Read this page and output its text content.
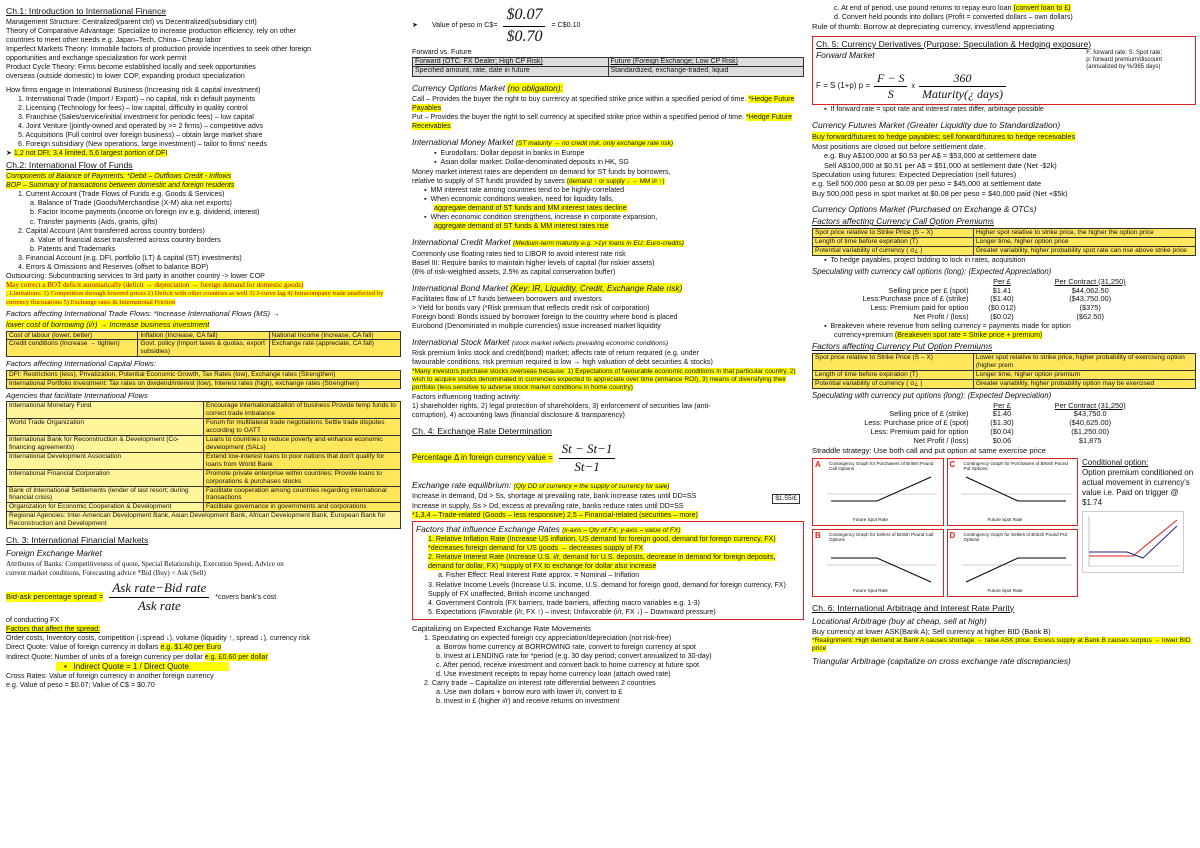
Ch.1: Introduction to International Finance
Management Structure: Centralized(parent ctrl) vs Decentralized(subsidiary ctrl)
Theory of Comparative Advantage: Specialize to increase production efficiency, rely on other
countries to meet other needs e.g. Japan–Tech, China– Cheap labor
Imperfect Markets Theory: Immobile factors of production provide incentives to seek other foreign
opportunities and exchange specialization for work permit
Product Cycle Theory: Firms become established locally and seek opportunities
overseas (outside domestic) to lower COP, expanding product specialization
How firms engage in International Business (Increasing risk & capital investment)
1. International Trade (Import / Export) – no capital, risk in default payments
2. Licensing (Technology for fees) – low capital, difficulty in quality control
3. Franchise (Sales/service/initial investment for periodic fees) – low capital
4. Joint Venture (jointly-owned and operated by >= 2 firms) – competitive advs
5. Acquisitions (Full control over foreign business) – obtain large market share
6. Foreign subsidiary (New operations, large investment) – tailor to firms' needs
➤ 1,2 not DFI; 3,4 limited, 5,6 largest portion of DFI
Ch.2: International Flow of Funds
Components of Balance of Payments: *Debit – Outflows Credit - Inflows
BOP – Summary of transactions between domestic and foreign residents
1. Current Account (Trade Flows of Funds e.g. Goods & Services)
a. Balance of Trade (Goods/Merchandise (X-M) aka net exports)
b. Factor Income payments (income on foreign inv e.g. dividend, interest)
c. Transfer payments (Aids, grants, gifts)
2. Capital Account (Amt transferred across country borders)
a. Value of financial asset transferred across country borders
b. Patents and Trademarks
3. Financial Account (e.g. DFI, portfolio (LT) & capital (ST) investments)
4. Errors & Omissions and Reserves (offset to balance BOP)
Outsourcing: Subcontracting services to 3rd party in another country -> lower COP
May correct a BOT deficit automatically (deficit → depreciation → foreign demand for domestic goods)
; Limitations: 1) Competition through lowered prices 2) Deficit with other countries as well 3) J-curve lag 4) Intracompany trade unaffected by currency fluctuations 5) Exchange rates & International Friction
Factors affecting International Trade Flows: *Increase International Flows (MS) →
lower cost of borrowing (i/r) → Increase business investment
Cost of labour (lower, better)	Inflation (Increase, CA fall)	National Income (Increase, CA fall)
Credit conditions (Increase → tighten)	Govt. policy (Import taxes & quotas, export subsidies)	Exchange rate (appreciate, CA fall)
Factors affecting International Capital Flows:
DFI: Restrictions (less), Privatization, Potential Economic Growth, Tax Rates (low), Exchange rates (Strengthen)
International Portfolio Investment: Tax rates on dividend/interest (low), Interest rates (high), exchange rates (Strengthen)
Agencies that facilitate International Flows
International Monetary Fund	Encourage internationalization of business Provide temp funds to correct trade imbalance
World Trade Organization	Forum for multilateral trade negotiations Settle trade disputes according to GATT
International Bank for Reconstruction & Development (Co-financing agreements)	Loans to countries to reduce poverty and enhance economic development (SALs)
International Development Association	Extend low-interest loans to poor nations that don't qualify for loans from World Bank
International Financial Corporation	Promote private enterprise within countries; Provide loans to corporations & purchases stocks
Bank of International Settlements (lender of last resort; during financial crisis)	Facilitate cooperation among countries regarding international transactions
Organization for Economic Cooperation & Development	Facilitate governance in governments and corporations
Regional Agencies: Inter-American Development Bank, Asian Development Bank, African Development Bank, European Bank for Reconstruction and Development	
Ch. 3: International Financial Markets
Foreign Exchange Market
Attributes of Banks: Competitiveness of quote, Special Relationship, Execution Speed, Advice on
current market conditions, Forecasting advice *Bid (Buy) < Ask (Sell)
Bid-ask percentage spread = $\frac{\text{Ask rate−Bid rate}}{\text{Ask rate}}$ *covers bank's cost
of conducting FX
Factors that affect the spread:
Order costs, Inventory costs, competition (↓spread ↓), volume (liquidity ↑, spread ↓), currency risk
Direct Quote: Value of foreign currency in dollars e.g. $1.40 per Euro
Indirect Quote: Number of units of a foreign currency per dollar e.g. £0.60 per dollar
▪   Indirect Quote = 1 / Direct Quote
Cross Rates: Value of foreign currency in another foreign currency
e.g. Value of peso = $0.07; Value of C$ = $0.70
➤	Value of peso in C$= $\frac{\$0.07}{\$0.70}$ = C$0.10
Forward vs. Future
Forward (OTC: FX Dealer; High CP Risk)	Future (Foreign Exchange; Low CP Risk)
Specified amount, rate, date in future	Standardized, exchange-traded, liquid
Currency Options Market (no obligation):
Call – Provides the buyer the right to buy currency at specified strike price within a specified period of time. *Hedge Future Payables
Put – Provides the buyer the right to sell currency at specified strike price within a specified period of time. *Hedge Future Receivables
International Money Market (ST maturity → no credit risk, only exchange rate risk)
▪  Eurodollars: Dollar deposit in banks in Europe
▪  Asian dollar market: Dollar-denominated deposits in HK, SG
Money market interest rates are dependent on demand for ST funds by borrowers,
relative to supply of ST funds provided by savers (demand ↑ or supply ↓ → MM i/r ↑)
▪  MM interest rate among countries tend to be highly-correlated
▪  When economic conditions weaken, need for liquidity falls,
aggregate demand of ST funds and MM interest rates decline
▪  When economic condition strengthens, increase in corporate expansion,
aggregate demand of ST funds & MM interest rates rise
International Credit Market (Medium-term maturity e.g. >1yr loans in EU: Euro-credits)
Commonly use floating rates tied to LIBOR to avoid interest rate risk
Basel III: Require banks to maintain higher levels of capital (for riskier assets)
(6% of risk-weighted assets, 2.5% as capital conservation buffer)
International Bond Market (Key: IR, Liquidity, Credit, Exchange Rate risk)
Facilitates flow of LT funds between borrowers and investors
> Yield for bonds vary (*Risk premium that reflects credit risk of corporation)
Foreign bond: Bonds issued by borrower foreign to the country where bond is placed
Eurobond (Denominated in multiple currencies) issue increased market liquidity
International Stock Market (stock market reflects prevailing economic conditions)
Risk premium links stock and credit(bond) market; affects rate of return required (e.g. under
favourable conditions, risk premium required is low → high valuation of debt securities & stocks)
*Many investors purchase stocks overseas because: 1) Expectations of favourable economic conditions in that particular country, 2) wish to acquire stocks denominated in currencies expected to appreciate over time (enhance ROI), 3) means of diversifying their portfolio (less sensitive to adverse stock market conditions in home country)
Factors influencing trading activity:
1) shareholder rights, 2) legal protection of shareholders, 3) enforcement of securities law (anti-
corruption), 4) accounting laws (financial disclosure & transparency)
Ch. 4: Exchange Rate Determination
Percentage Δ in foreign currency value = $\frac{St - St-1}{St-1}$
Exchange rate equilibrium: (Qty DD of currency = the supply of currency for sale)
Increase in demand, Dd > Ss, shortage at prevailing rate, bank increase rates until DD=SS
Increase in supply, Ss > Dd, excess at prevailing rate, banks reduce rates until DD=SS
*1,3,4 – Trade-related (Goods – less responsive) 2,5 – Financial-related (securities – more)
$1.55/£
Factors that influence Exchange Rates (x-axis – Qty of FX, y-axis – value of FX)
1. Relative Inflation Rate (Increase US inflation, US demand for foreign good, demand for foreign currency, FX) *decreases foreign demand for US goods → decreases supply of FX
2. Relative Interest Rate (Increase U.S. i/r, demand for U.S. deposits, decrease in demand for foreign deposits, demand for dollar, FX) *supply of FX to exchange for dollar also increase
a. Fisher Effect: Real Interest Rate approx. = Nominal – Inflation
3. Relative Income Levels (Increase U.S. income, U.S. demand for foreign good, demand for foreign currency, FX) Supply of FX unaffected, British income unchanged
4. Government Controls (FX barriers, trade barriers, affecting macro variables e.g. 1-3)
5. Expectations (Favorable (i/r, FX ↑) – invest; Unfavorable (i/r, FX ↓) – Downward pressure)
Capitalizing on Expected Exchange Rate Movements
1. Speculating on expected foreign ccy appreciation/depreciation (not risk-free)
a. Borrow home currency at BORROWING rate, convert to foreign currency at spot
b. Invest at LENDING rate for *period (e.g. 30 day period; convert annualized to 30-day)
c. After period, receive investment and convert back to home currency at future spot
d. Use investment receipts to repay home currency loan (attach owed rate)
2. Carry trade – Capitalize on interest rate differential between 2 countries
a. Use own dollars + borrow euro with lower i/r, convert to £
b. Invest in £ (higher i/r) and receive returns on investment
c. At end of period, use pound returns to repay euro loan (convert loan to £)
d. Convert held pounds into dollars (Profit = converted dollars – own dollars)
Rule of thumb: Borrow at depreciating currency, invest/lend appreciating
Ch. 5: Currency Derivatives (Purpose: Speculation & Hedging exposure)
Forward Market	F: forward rate; S: Spot rate;
p: forward premium/discount
(annualized by %/365 days)
F = S (1+p) $p = \frac{F - S}{S}$ x $\frac{360}{\text{Maturity(¿ days)}}$
▪  If forward rate = spot rate and interest rates differ, arbitrage possible
Currency Futures Market (Greater Liquidity due to Standardization)
Buy forward/futures to hedge payables; sell forward/futures to hedge receivables
Most positions are closed out before settlement date.
e.g. Buy A$100,000 at $0.53 per A$ = $53,000 at settlement date
Sell A$100,000 at $0.51 per A$ = $51,000 at settlement date (Net -$2k)
Speculation using futures: Expected Depreciation (sell futures)
e.g. Sell 500,000 peso at $0.09 per peso = $45,000 at settlement date
Buy 500,000 peso in spot market at $0.08 per peso = $40,000 paid (Net +$5k)
Currency Options Market (Purchased on Exchange & OTCs)
Factors affecting Currency Call Option Premiums
Spot price relative to Strike Price (S – X)	Higher spot relative to strike price, the higher the option price
Length of time before expiration (T)	Longer time, higher option price
Potential variability of currency ( σ¿ )	Greater variability, higher probability spot rate can rise above strike price
▪  To hedge payables, project bidding to lock in rates, acquisition
Speculating with currency call options (long): (Expected Appreciation)
	Per £	Per Contract (31,250)
Selling price per £ (spot)	$1.41	$44,062.50
Less:Purchase price of £ (strike)	($1.40)	($43,750.00)
Less: Premium paid for option	($0.012)	($375)
Net Profit / (loss)	($0.02)	($62.50)
▪  Breakeven where revenue from selling currency = payments made for option
currency+premium (Breakeven spot rate = Strike price + premium)
Factors affecting Currency Put Option Premiums
Spot price relative to Strike Price (S – X)	Lower spot relative to strike price, higher probability of exercising option (higher prem
Length of time before expiration (T)	Longer time, higher option premium
Potential variability of currency ( σ¿ )	Greater variability, higher probability option may be exercised
Speculating with currency put options (long): (Expected Depreciation)
	Per £	Per Contract (31,250)
Selling price of £ (strike)	$1.40	$43,750.0
Less: Purchase price of £ (spot)	($1.30)	($40,625.00)
Less: Premium paid for option	($0.04)	($1,250.00)
Net Profit / (loss)	$0.06	$1,875
Straddle strategy: Use both call and put option at same exercise price
A Contingency Graph for Purchasers of British Pound Call Options
Future Spot Rate
C Contingency Graph for Purchasers of British Pound Put Options
Future Spot Rate
B Contingency Graph for Sellers of British Pound Call Options
Future Spot Rate
D Contingency Graph for Sellers of British Pound Put Options
Future Spot Rate
Conditional option:
Option premium conditioned on actual movement in currency's value i.e. Paid on trigger @ $1.74
Ch. 6: International Arbitrage and Interest Rate Parity
Locational Arbitrage (buy at cheap, sell at high)
Buy currency at lower ASK(Bank A); Sell currency at higher BID (Bank B)
*Realignment: High demand at Bank A causes shortage → raise ASK price. Excess supply at Bank B causes surplus → lower BID price
Triangular Arbitrage (capitalize on cross exchange rate discrepancies)
